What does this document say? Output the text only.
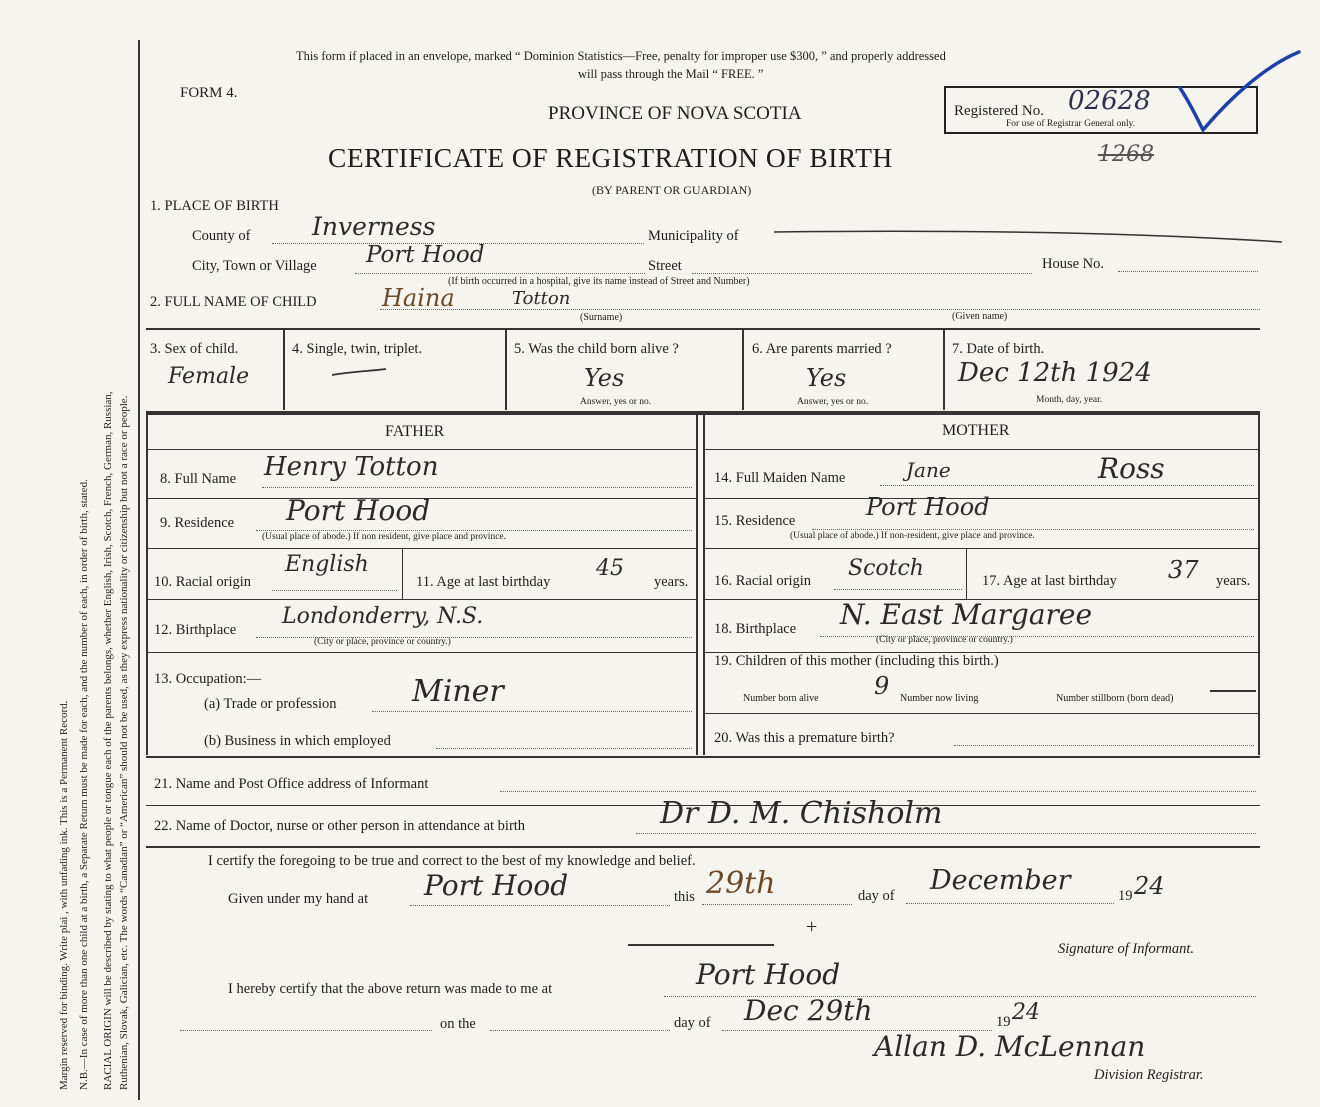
Margin reserved for binding. Write plai , with unfading ink. This is a Permanent Record. N.B.—In case of more than one child at a birth, a Separate Return must be made for each, and the number of each, in order of birth, stated. RACIAL ORIGIN will be described by stating to what people or tongue each of the parents belongs, whether English, Irish, Scotch, French, German, Russian, Ruthenian, Slovak, Galician, etc. The words “Canadian” or “American” should not be used, as they express nationality or citizenship but not a race or people.
This form if placed in an envelope, marked “ Dominion Statistics—Free, penalty for improper use $300, ” and properly addressed
will pass through the Mail “ FREE. ”
FORM 4.
PROVINCE OF NOVA SCOTIA	Registered No. 02628
For use of Registrar General only.
CERTIFICATE OF REGISTRATION OF BIRTH	1268
(BY PARENT OR GUARDIAN)
1. PLACE OF BIRTH
County of Inverness	Municipality of
City, Town or Village Port Hood	Street	House No.
(If birth occurred in a hospital, give its name instead of Street and Number)
2. FULL NAME OF CHILD	Haina	Totton
(Surname)	(Given name)
3. Sex of child.
Female
4. Single, twin, triplet.	5. Was the child born alive ?
Yes
Answer, yes or no.
6. Are parents married ?
Yes
Answer, yes or no.
7. Date of birth.
Dec 12th 1924
Month, day, year.
FATHER	MOTHER
8. Full Name Henry Totton
9. Residence Port Hood
(Usual place of abode.) If non resident, give place and province.
10. Racial origin
English
11. Age at last birthday
45
years.
12. Birthplace
Londonderry, N.S.
(City or place, province or country.)
13. Occupation:—
(a) Trade or profession	Miner
(b) Business in which employed
14. Full Maiden Name	Jane	Ross
15. Residence	Port Hood
(Usual place of abode.) If non-resident, give place and province.
16. Racial origin Scotch	17. Age at last birthday 37 years.
18. Birthplace N. East Margaree
(City or place, province or country.)
19. Children of this mother (including this birth.)
Number born alive 9 Number now living	Number stillborn (born dead)
20. Was this a premature birth?
21. Name and Post Office address of Informant
22. Name of Doctor, nurse or other person in attendance at birth	Dr D. M. Chisholm
I certify the foregoing to be true and correct to the best of my knowledge and belief.
Given under my hand at Port Hood	this 29th	day of December	19 24
+
Signature of Informant.
I hereby certify that the above return was made to me at	Port Hood
on the	day of Dec 29th	19 24
Allan D. McLennan
Division Registrar.
